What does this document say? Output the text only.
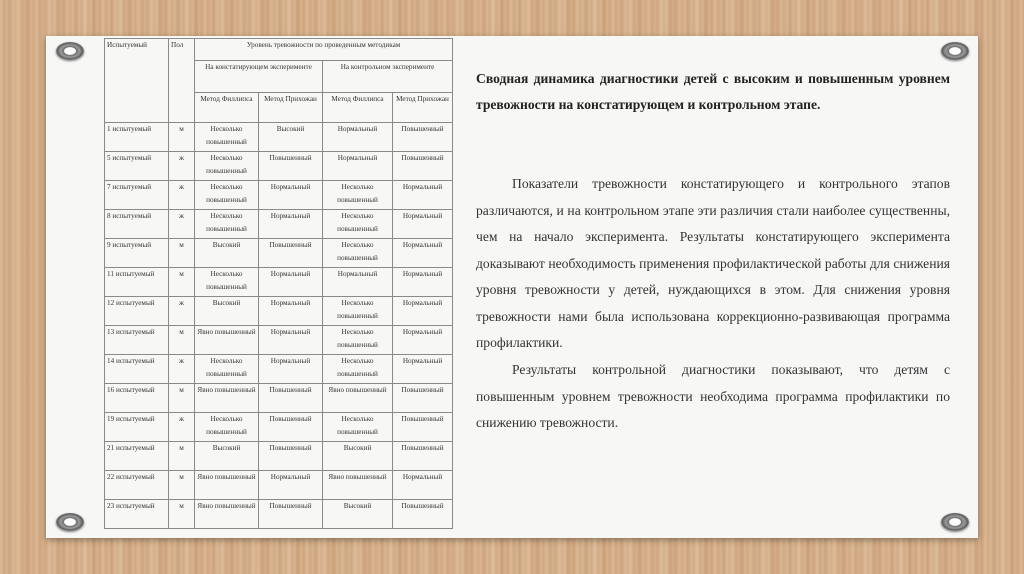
Испытуемый	Пол	Уровень тревожности по проведенным методикам			
		На констатирующем эксперименте		На контрольном эксперименте	
		Метод Филлипса	Метод Прихожан	Метод Филлипса	Метод Прихожан
1 испытуемый	м	Несколько повышенный	Высокий	Нормальный	Повышенный
5 испытуемый	ж	Несколько повышенный	Повышенный	Нормальный	Повышенный
7 испытуемый	ж	Несколько повышенный	Нормальный	Несколько повышенный	Нормальный
8 испытуемый	ж	Несколько повышенный	Нормальный	Несколько повышенный	Нормальный
9 испытуемый	м	Высокий	Повышенный	Несколько повышенный	Нормальный
11 испытуемый	м	Несколько повышенный	Нормальный	Нормальный	Нормальный
12 испытуемый	ж	Высокий	Нормальный	Несколько повышенный	Нормальный
13 испытуемый	м	Явно повышенный	Нормальный	Несколько повышенный	Нормальный
14 испытуемый	ж	Несколько повышенный	Нормальный	Несколько повышенный	Нормальный
16 испытуемый	м	Явно повышенный	Повышенный	Явно повышенный	Повышенный
19 испытуемый	ж	Несколько повышенный	Повышенный	Несколько повышенный	Повышенный
21 испытуемый	м	Высокий	Повышенный	Высокий	Повышенный
22 испытуемый	м	Явно повышенный	Нормальный	Явно повышенный	Нормальный
23 испытуемый	м	Явно повышенный	Повышенный	Высокий	Повышенный

Сводная динамика диагностики детей с высоким и повышенным уровнем тревожности на констатирующем и контрольном этапе.

Показатели тревожности констатирующего и контрольного этапов различаются, и на контрольном этапе эти различия стали наиболее существенны, чем на начало эксперимента. Результаты констатирующего эксперимента доказывают необходимость применения профилактической работы для снижения уровня тревожности у детей, нуждающихся в этом. Для снижения уровня тревожности нами была использована коррекционно-развивающая программа профилактики.

Результаты контрольной диагностики показывают, что детям с повышенным уровнем тревожности необходима программа профилактики по снижению тревожности.
